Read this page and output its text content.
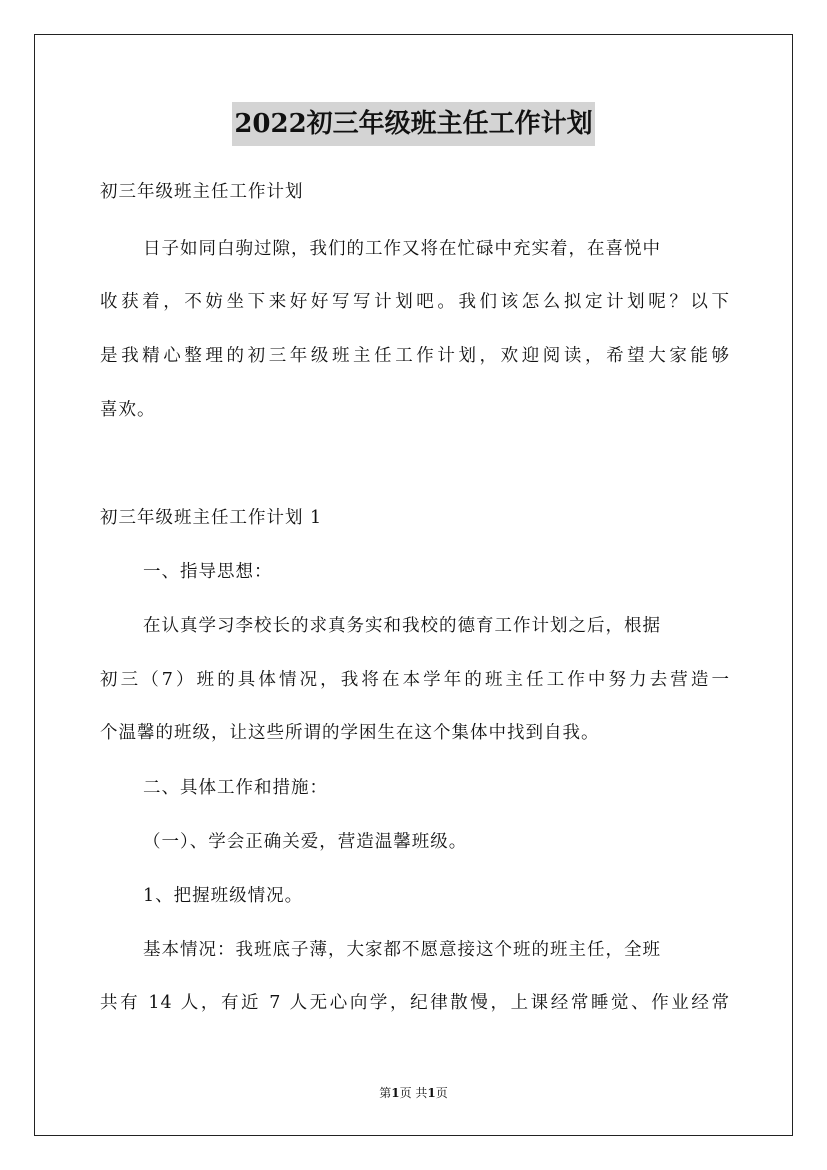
2022初三年级班主任工作计划
初三年级班主任工作计划
日子如同白驹过隙，我们的工作又将在忙碌中充实着，在喜悦中
收获着，不妨坐下来好好写写计划吧。我们该怎么拟定计划呢？以下
是我精心整理的初三年级班主任工作计划，欢迎阅读，希望大家能够
喜欢。
初三年级班主任工作计划 1
一、指导思想：
在认真学习李校长的求真务实和我校的德育工作计划之后，根据
初三（7）班的具体情况，我将在本学年的班主任工作中努力去营造一
个温馨的班级，让这些所谓的学困生在这个集体中找到自我。
二、具体工作和措施：
（一）、学会正确关爱，营造温馨班级。
1、把握班级情况。
基本情况：我班底子薄，大家都不愿意接这个班的班主任，全班
共有 14 人，有近 7 人无心向学，纪律散慢，上课经常睡觉、作业经常
第1页 共1页
